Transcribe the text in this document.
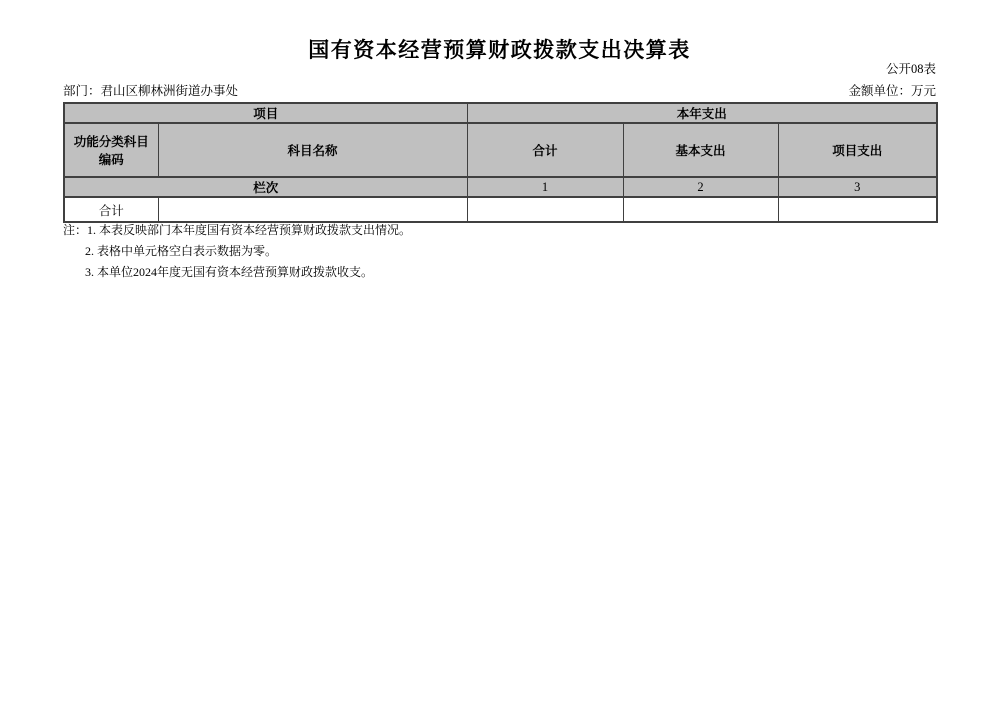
国有资本经营预算财政拨款支出决算表
公开08表
部门：君山区柳林洲街道办事处	金额单位：万元
项目		本年支出		
功能分类科目编码	科目名称	合计	基本支出	项目支出
栏次		1	2	3
合计				
注：1. 本表反映部门本年度国有资本经营预算财政拨款支出情况。
2. 表格中单元格空白表示数据为零。
3. 本单位2024年度无国有资本经营预算财政拨款收支。
